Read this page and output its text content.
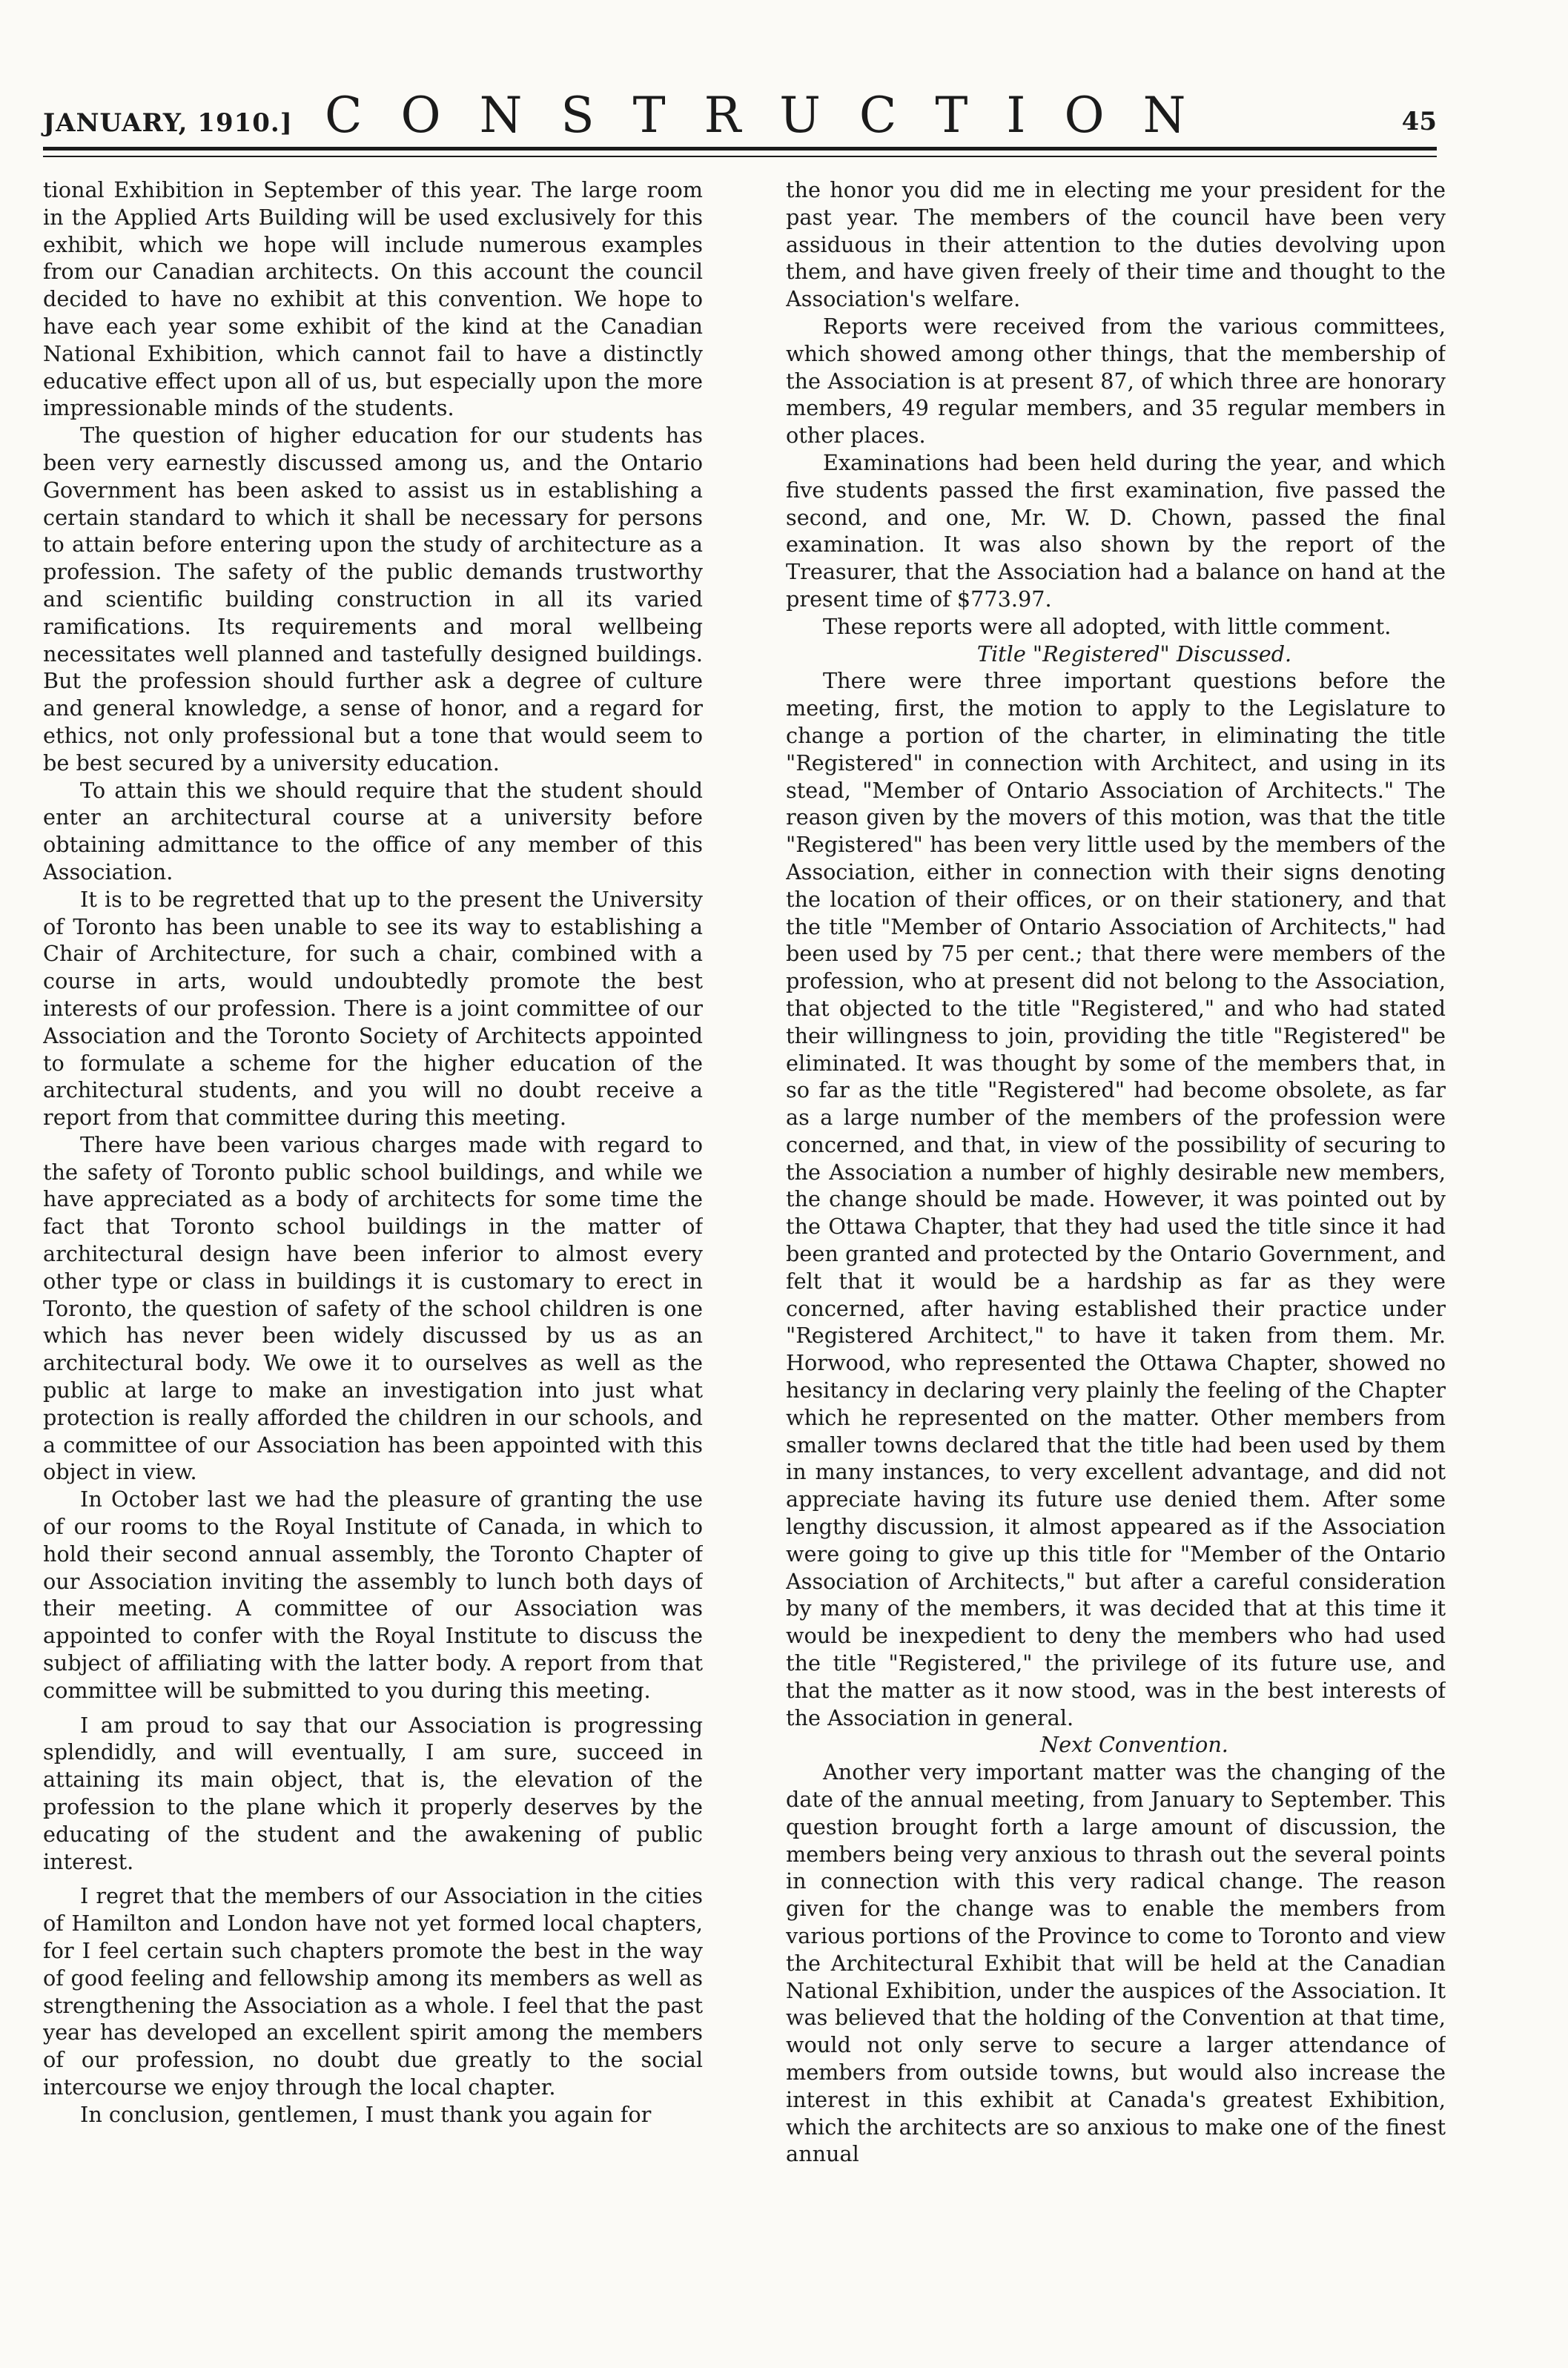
JANUARY, 1910.] CONSTRUCTION	45

tional Exhibition in September of this year. The large room in the Applied Arts Building will be used exclusively for this exhibit, which we hope will include numerous examples from our Canadian architects. On this account the council decided to have no exhibit at this convention. We hope to have each year some exhibit of the kind at the Canadian National Exhibition, which cannot fail to have a distinctly educative effect upon all of us, but especially upon the more impressionable minds of the students.

The question of higher education for our students has been very earnestly discussed among us, and the Ontario Government has been asked to assist us in establishing a certain standard to which it shall be necessary for persons to attain before entering upon the study of architecture as a profession. The safety of the public demands trustworthy and scientific building construction in all its varied ramifications. Its requirements and moral wellbeing necessitates well planned and tastefully designed buildings. But the profession should further ask a degree of culture and general knowledge, a sense of honor, and a regard for ethics, not only professional but a tone that would seem to be best secured by a university education.

To attain this we should require that the student should enter an architectural course at a university before obtaining admittance to the office of any member of this Association.

It is to be regretted that up to the present the University of Toronto has been unable to see its way to establishing a Chair of Architecture, for such a chair, combined with a course in arts, would undoubtedly promote the best interests of our profession. There is a joint committee of our Association and the Toronto Society of Architects appointed to formulate a scheme for the higher education of the architectural students, and you will no doubt receive a report from that committee during this meeting.

There have been various charges made with regard to the safety of Toronto public school buildings, and while we have appreciated as a body of architects for some time the fact that Toronto school buildings in the matter of architectural design have been inferior to almost every other type or class in buildings it is customary to erect in Toronto, the question of safety of the school children is one which has never been widely discussed by us as an architectural body. We owe it to ourselves as well as the public at large to make an investigation into just what protection is really afforded the children in our schools, and a committee of our Association has been appointed with this object in view.

In October last we had the pleasure of granting the use of our rooms to the Royal Institute of Canada, in which to hold their second annual assembly, the Toronto Chapter of our Association inviting the assembly to lunch both days of their meeting. A committee of our Association was appointed to confer with the Royal Institute to discuss the subject of affiliating with the latter body. A report from that committee will be submitted to you during this meeting.

I am proud to say that our Association is progressing splendidly, and will eventually, I am sure, succeed in attaining its main object, that is, the elevation of the profession to the plane which it properly deserves by the educating of the student and the awakening of public interest.

I regret that the members of our Association in the cities of Hamilton and London have not yet formed local chapters, for I feel certain such chapters promote the best in the way of good feeling and fellowship among its members as well as strengthening the Association as a whole. I feel that the past year has developed an excellent spirit among the members of our profession, no doubt due greatly to the social intercourse we enjoy through the local chapter.

In conclusion, gentlemen, I must thank you again for

the honor you did me in electing me your president for the past year. The members of the council have been very assiduous in their attention to the duties devolving upon them, and have given freely of their time and thought to the Association's welfare.

Reports were received from the various committees, which showed among other things, that the membership of the Association is at present 87, of which three are honorary members, 49 regular members, and 35 regular members in other places.

Examinations had been held during the year, and which five students passed the first examination, five passed the second, and one, Mr. W. D. Chown, passed the final examination. It was also shown by the report of the Treasurer, that the Association had a balance on hand at the present time of $773.97.

These reports were all adopted, with little comment.

Title "Registered" Discussed.

There were three important questions before the meeting, first, the motion to apply to the Legislature to change a portion of the charter, in eliminating the title "Registered" in connection with Architect, and using in its stead, "Member of Ontario Association of Architects." The reason given by the movers of this motion, was that the title "Registered" has been very little used by the members of the Association, either in connection with their signs denoting the location of their offices, or on their stationery, and that the title "Member of Ontario Association of Architects," had been used by 75 per cent.; that there were members of the profession, who at present did not belong to the Association, that objected to the title "Registered," and who had stated their willingness to join, providing the title "Registered" be eliminated. It was thought by some of the members that, in so far as the title "Registered" had become obsolete, as far as a large number of the members of the profession were concerned, and that, in view of the possibility of securing to the Association a number of highly desirable new members, the change should be made. However, it was pointed out by the Ottawa Chapter, that they had used the title since it had been granted and protected by the Ontario Government, and felt that it would be a hardship as far as they were concerned, after having established their practice under "Registered Architect," to have it taken from them. Mr. Horwood, who represented the Ottawa Chapter, showed no hesitancy in declaring very plainly the feeling of the Chapter which he represented on the matter. Other members from smaller towns declared that the title had been used by them in many instances, to very excellent advantage, and did not appreciate having its future use denied them. After some lengthy discussion, it almost appeared as if the Association were going to give up this title for "Member of the Ontario Association of Architects," but after a careful consideration by many of the members, it was decided that at this time it would be inexpedient to deny the members who had used the title "Registered," the privilege of its future use, and that the matter as it now stood, was in the best interests of the Association in general.

Next Convention.

Another very important matter was the changing of the date of the annual meeting, from January to September. This question brought forth a large amount of discussion, the members being very anxious to thrash out the several points in connection with this very radical change. The reason given for the change was to enable the members from various portions of the Province to come to Toronto and view the Architectural Exhibit that will be held at the Canadian National Exhibition, under the auspices of the Association. It was believed that the holding of the Convention at that time, would not only serve to secure a larger attendance of members from outside towns, but would also increase the interest in this exhibit at Canada's greatest Exhibition, which the architects are so anxious to make one of the finest annual
